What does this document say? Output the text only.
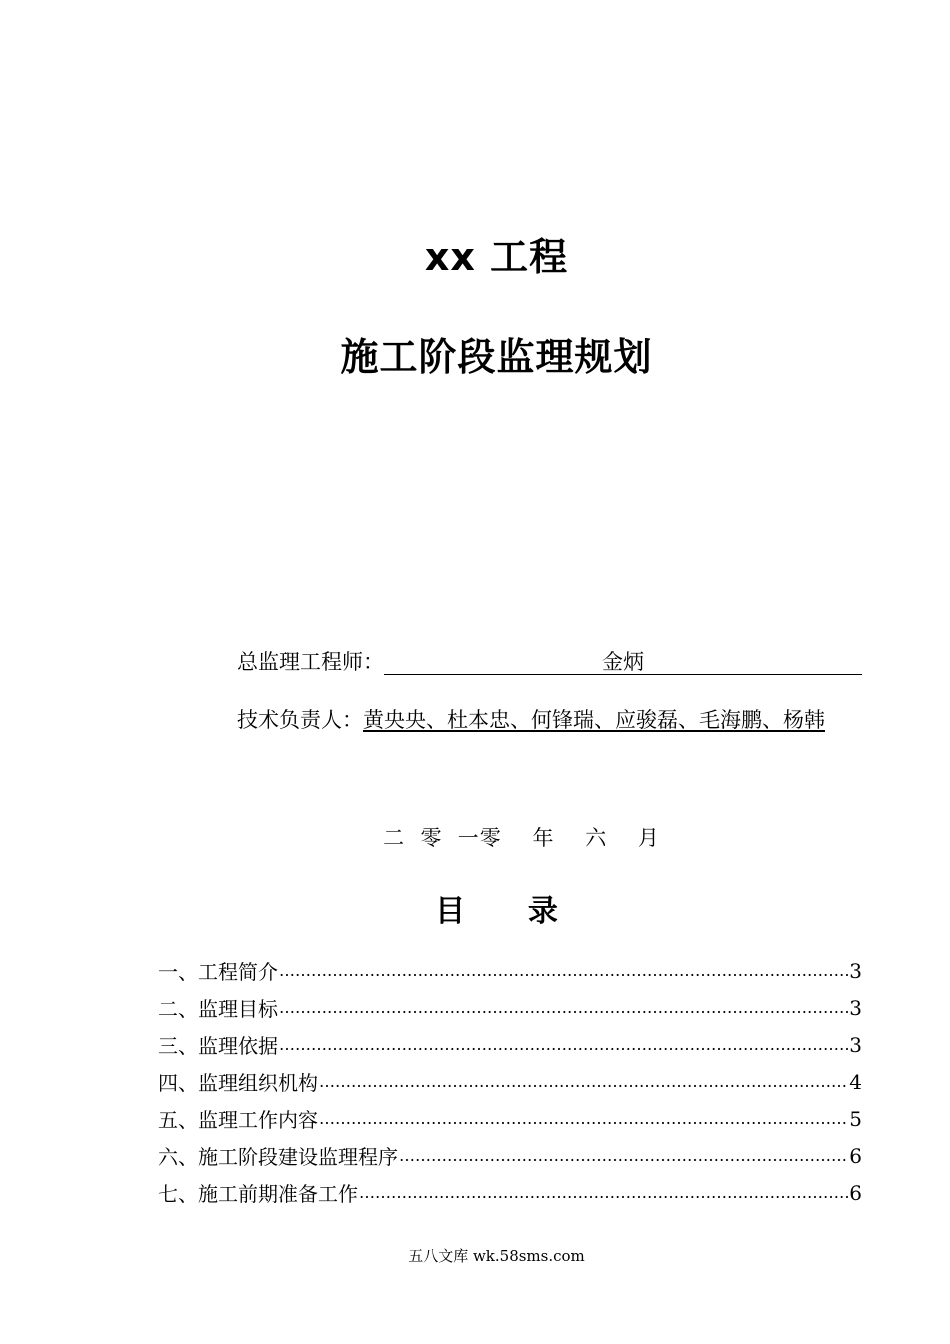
xx 工程
施工阶段监理规划
总监理工程师：	金炳
技术负责人： 黄央央、杜本忠、何锋瑞、应骏磊、毛海鹏、杨韩
二  零  一零    年    六    月
目      录
一、工程简介 ……………………………………………………………………………………………………………………………………………………	3
二、监理目标 ……………………………………………………………………………………………………………………………………………………	3
三、监理依据 ……………………………………………………………………………………………………………………………………………………	3
四、监理组织机构 ……………………………………………………………………………………………………………………………………………………	4
五、监理工作内容 ……………………………………………………………………………………………………………………………………………………	5
六、施工阶段建设监理程序 ……………………………………………………………………………………………………………………………………………………	6
七、施工前期准备工作 ……………………………………………………………………………………………………………………………………………………	6
五八文库 wk.58sms.com
